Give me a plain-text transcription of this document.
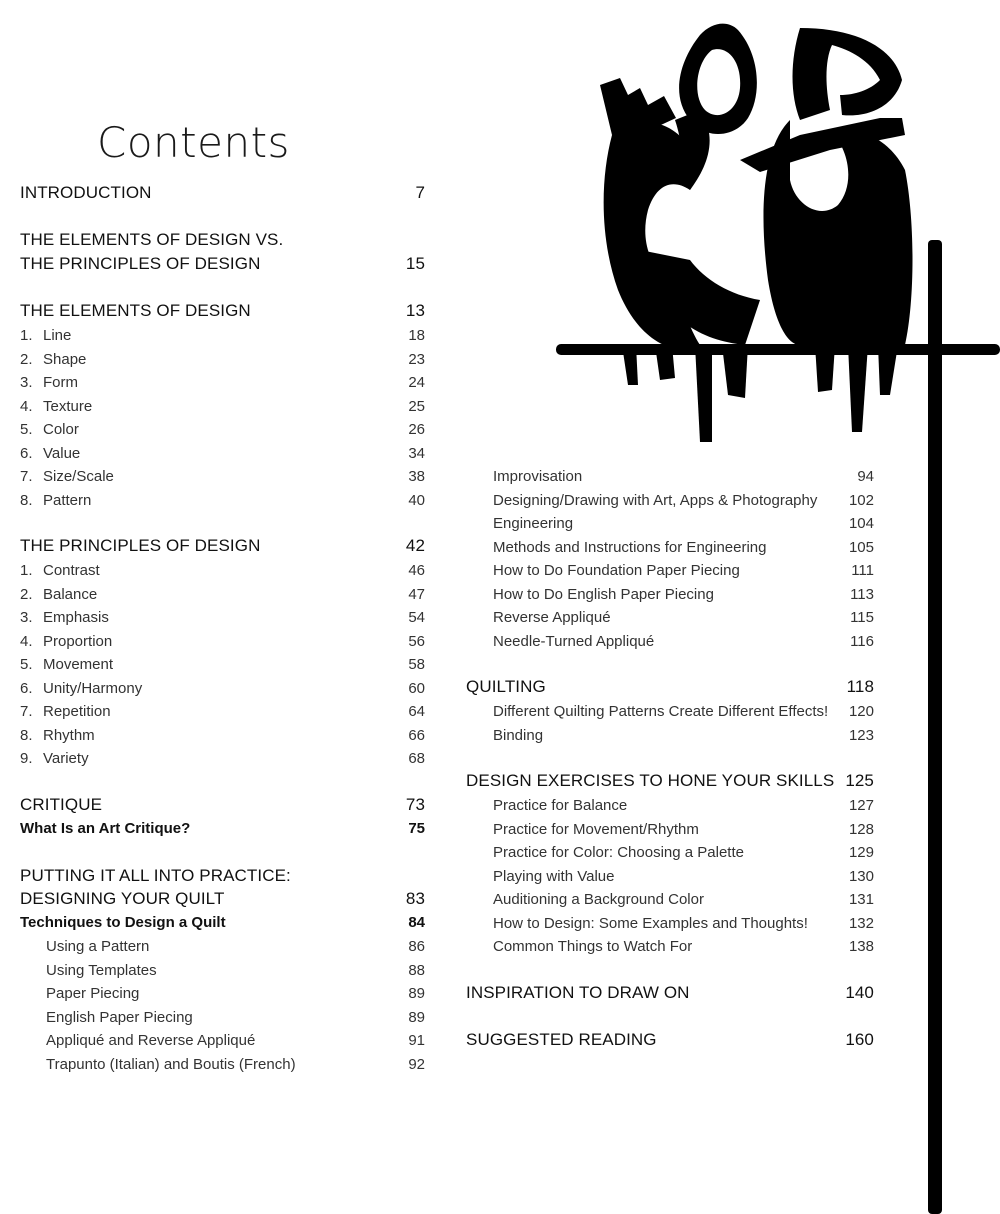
Contents
INTRODUCTION	7
THE ELEMENTS OF DESIGN VS.
THE PRINCIPLES OF DESIGN	15
THE ELEMENTS OF DESIGN	13
1. Line	18
2. Shape	23
3. Form	24
4. Texture	25
5. Color	26
6. Value	34
7. Size/Scale	38
8. Pattern	40
THE PRINCIPLES OF DESIGN	42
1. Contrast	46
2. Balance	47
3. Emphasis	54
4. Proportion	56
5. Movement	58
6. Unity/Harmony	60
7. Repetition	64
8. Rhythm	66
9. Variety	68
CRITIQUE	73
What Is an Art Critique?	75
PUTTING IT ALL INTO PRACTICE:
DESIGNING YOUR QUILT	83
Techniques to Design a Quilt	84
Using a Pattern	86
Using Templates	88
Paper Piecing	89
English Paper Piecing	89
Appliqué and Reverse Appliqué	91
Trapunto (Italian) and Boutis (French)	92
Improvisation	94
Designing/Drawing with Art, Apps & Photography 102
Engineering	104
Methods and Instructions for Engineering	105
How to Do Foundation Paper Piecing	111
How to Do English Paper Piecing	113
Reverse Appliqué	115
Needle-Turned Appliqué	116
QUILTING	118
Different Quilting Patterns Create Different Effects! 120
Binding	123
DESIGN EXERCISES TO HONE YOUR SKILLS 125
Practice for Balance	127
Practice for Movement/Rhythm	128
Practice for Color: Choosing a Palette	129
Playing with Value	130
Auditioning a Background Color	131
How to Design: Some Examples and Thoughts!	132
Common Things to Watch For	138
INSPIRATION TO DRAW ON	140
SUGGESTED READING	160
